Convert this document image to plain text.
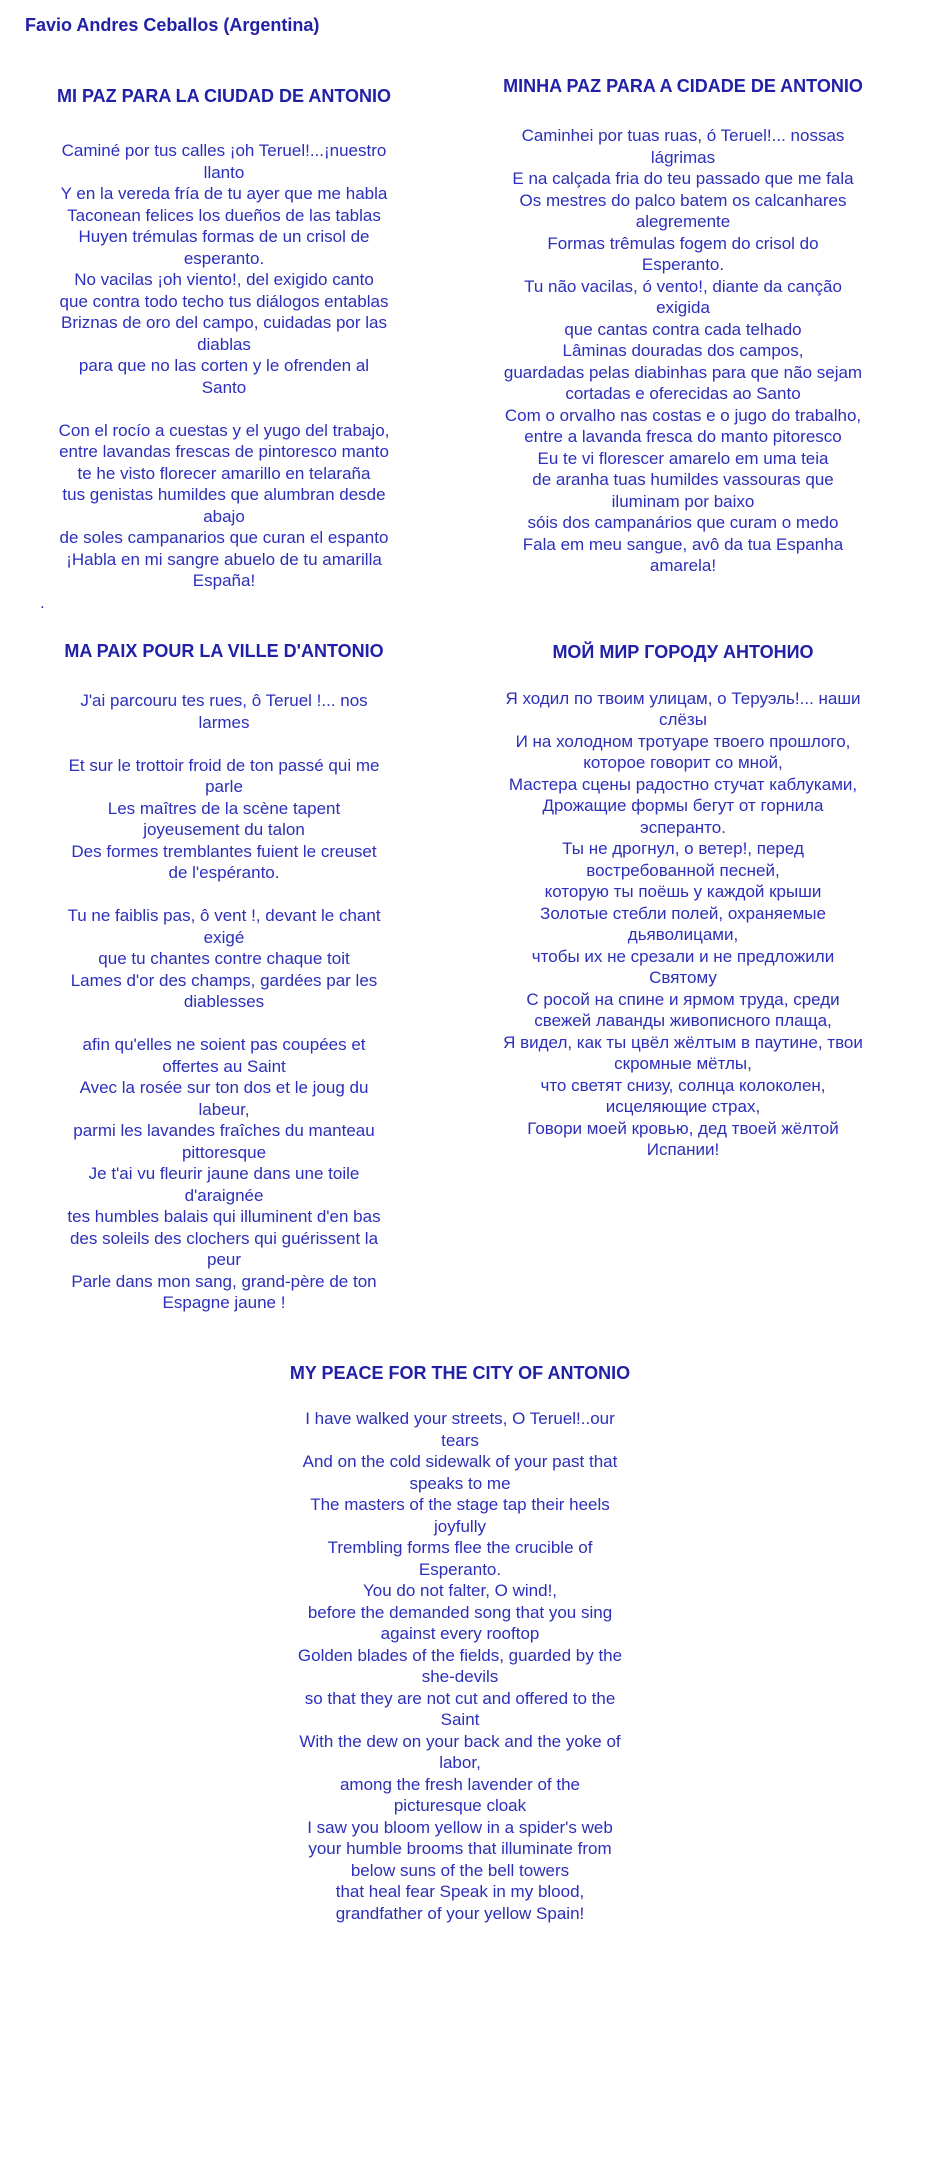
Favio Andres Ceballos (Argentina)
MI PAZ PARA LA CIUDAD DE ANTONIO
Caminé por tus calles ¡oh Teruel!...¡nuestro
llanto
Y en la vereda fría de tu ayer que me habla
Taconean felices los dueños de las tablas
Huyen trémulas formas de un crisol de
esperanto.
No vacilas ¡oh viento!, del exigido canto
que contra todo techo tus diálogos entablas
Briznas de oro del campo, cuidadas por las
diablas
para que no las corten y le ofrenden al
Santo

Con el rocío a cuestas y el yugo del trabajo,
entre lavandas frescas de pintoresco manto
te he visto florecer amarillo en telaraña
tus genistas humildes que alumbran desde
abajo
de soles campanarios que curan el espanto
¡Habla en mi sangre abuelo de tu amarilla
España!
.
MA PAIX POUR LA VILLE D'ANTONIO
J'ai parcouru tes rues, ô Teruel !... nos
larmes

Et sur le trottoir froid de ton passé qui me
parle
Les maîtres de la scène tapent
joyeusement du talon
Des formes tremblantes fuient le creuset
de l'espéranto.

Tu ne faiblis pas, ô vent !, devant le chant
exigé
que tu chantes contre chaque toit
Lames d'or des champs, gardées par les
diablesses

afin qu'elles ne soient pas coupées et
offertes au Saint
Avec la rosée sur ton dos et le joug du
labeur,
parmi les lavandes fraîches du manteau
pittoresque
Je t'ai vu fleurir jaune dans une toile
d'araignée
tes humbles balais qui illuminent d'en bas
des soleils des clochers qui guérissent la
peur
Parle dans mon sang, grand-père de ton
Espagne jaune !
MINHA PAZ PARA A CIDADE DE ANTONIO
Caminhei por tuas ruas, ó Teruel!... nossas
lágrimas
E na calçada fria do teu passado que me fala
Os mestres do palco batem os calcanhares
alegremente
Formas trêmulas fogem do crisol do
Esperanto.
Tu não vacilas, ó vento!, diante da canção
exigida
que cantas contra cada telhado
Lâminas douradas dos campos,
guardadas pelas diabinhas para que não sejam
cortadas e oferecidas ao Santo
Com o orvalho nas costas e o jugo do trabalho,
entre a lavanda fresca do manto pitoresco
Eu te vi florescer amarelo em uma teia
de aranha tuas humildes vassouras que
iluminam por baixo
sóis dos campanários que curam o medo
Fala em meu sangue, avô da tua Espanha
amarela!
МОЙ МИР ГОРОДУ АНТОНИО
Я ходил по твоим улицам, о Теруэль!... наши
слёзы
И на холодном тротуаре твоего прошлого,
которое говорит со мной,
Мастера сцены радостно стучат каблуками,
Дрожащие формы бегут от горнила
эсперанто.
Ты не дрогнул, о ветер!, перед
востребованной песней,
которую ты поёшь у каждой крыши
Золотые стебли полей, охраняемые
дьяволицами,
чтобы их не срезали и не предложили
Святому
С росой на спине и ярмом труда, среди
свежей лаванды живописного плаща,
Я видел, как ты цвёл жёлтым в паутине, твои
скромные мётлы,
что светят снизу, солнца колоколен,
исцеляющие страх,
Говори моей кровью, дед твоей жёлтой
Испании!
MY PEACE FOR THE CITY OF ANTONIO
I have walked your streets, O Teruel!..our
tears
And on the cold sidewalk of your past that
speaks to me
The masters of the stage tap their heels
joyfully
Trembling forms flee the crucible of
Esperanto.
You do not falter, O wind!,
before the demanded song that you sing
against every rooftop
Golden blades of the fields, guarded by the
she-devils
so that they are not cut and offered to the
Saint
With the dew on your back and the yoke of
labor,
among the fresh lavender of the
picturesque cloak
I saw you bloom yellow in a spider's web
your humble brooms that illuminate from
below suns of the bell towers
that heal fear Speak in my blood,
grandfather of your yellow Spain!
